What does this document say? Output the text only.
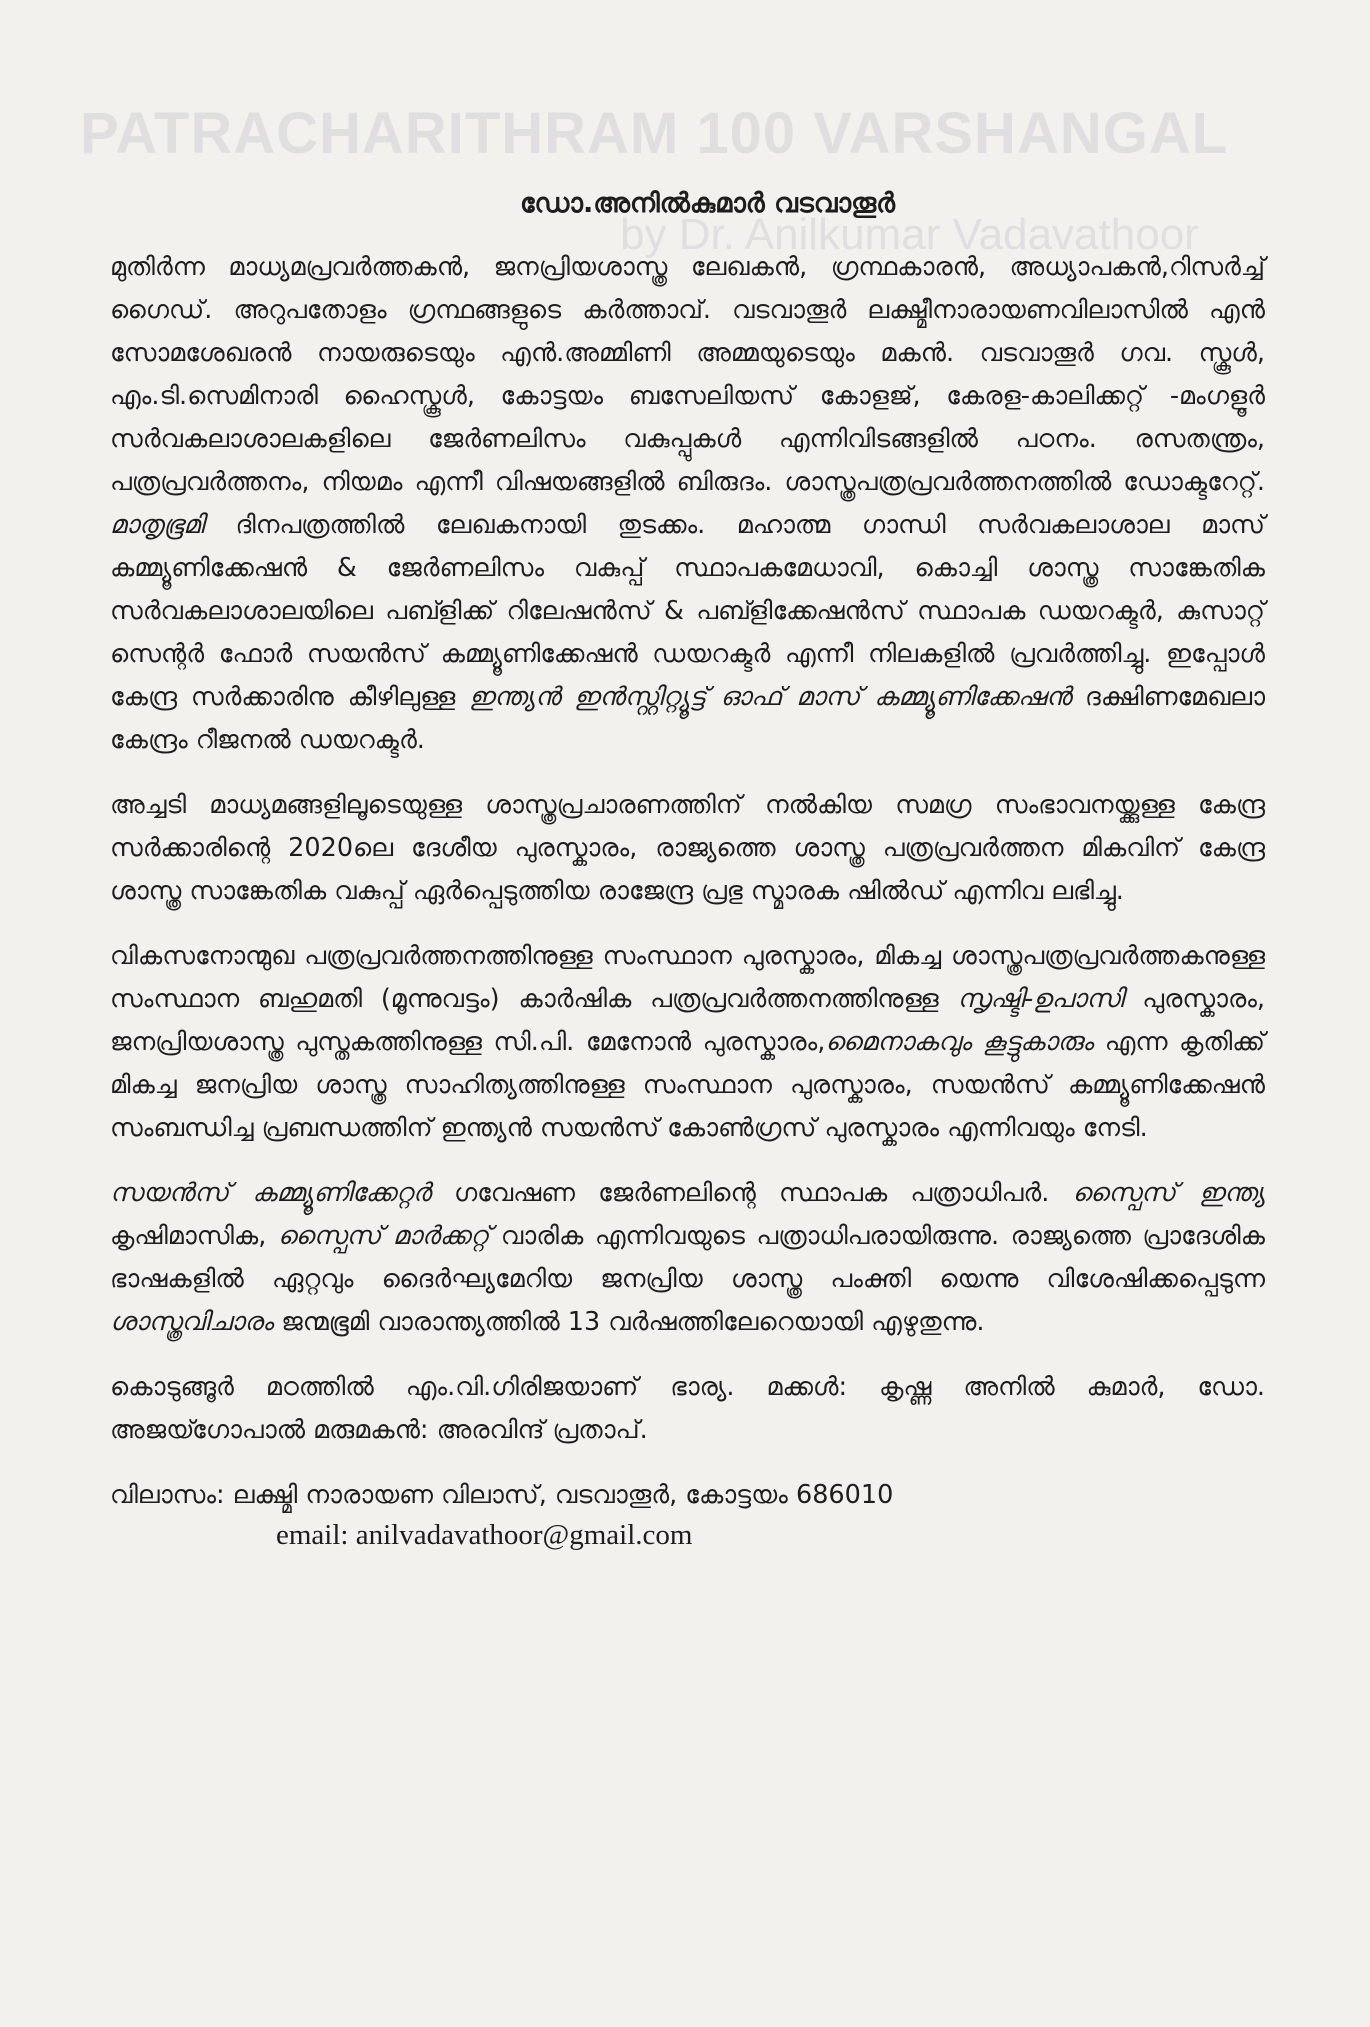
PATRACHARITHRAM 100 VARSHANGAL
by Dr. Anilkumar Vadavathoor
ഡോ.അനിൽകുമാർ വടവാതൂർ

മുതിർന്ന മാധ്യമപ്രവർത്തകൻ, ജനപ്രിയശാസ്ത്ര ലേഖകൻ, ഗ്രന്ഥകാരൻ, അധ്യാപകൻ,റിസർച്ച് ഗൈഡ്. അറുപതോളം ഗ്രന്ഥങ്ങളുടെ കർത്താവ്. വടവാതൂർ ലക്ഷ്മീനാരായണവിലാസിൽ എൻ സോമശേഖരൻ നായരുടെയും എൻ.അമ്മിണി അമ്മയുടെയും മകൻ. വടവാതൂർ ഗവ. സ്കൂൾ, എം.ടി.സെമിനാരി ഹൈസ്കൂൾ, കോട്ടയം ബസേലിയസ് കോളജ്, കേരള-കാലിക്കറ്റ് -മംഗളൂർ സർവകലാശാലകളിലെ ജേർണലിസം വകുപ്പുകൾ എന്നിവിടങ്ങളിൽ പഠനം. രസതന്ത്രം, പത്രപ്രവർത്തനം, നിയമം എന്നീ വിഷയങ്ങളിൽ ബിരുദം. ശാസ്ത്രപത്രപ്രവർത്തനത്തിൽ ഡോക്ടറേറ്റ്. മാതൃഭൂമി ദിനപത്രത്തിൽ ലേഖകനായി തുടക്കം. മഹാത്മ ഗാന്ധി സർവകലാശാല മാസ് കമ്മ്യൂണിക്കേഷൻ & ജേർണലിസം വകുപ്പ് സ്ഥാപകമേധാവി, കൊച്ചി ശാസ്ത്ര സാങ്കേതിക സർവകലാശാലയിലെ പബ്ളിക്ക് റിലേഷൻസ് & പബ്ളിക്കേഷൻസ് സ്ഥാപക ഡയറക്ടർ, കുസാറ്റ് സെന്റർ ഫോർ സയൻസ് കമ്മ്യൂണിക്കേഷൻ ഡയറക്ടർ എന്നീ നിലകളിൽ പ്രവർത്തിച്ചു. ഇപ്പോൾ കേന്ദ്ര സർക്കാരിനു കീഴിലുള്ള ഇന്ത്യൻ ഇൻസ്റ്റിറ്റ്യൂട്ട് ഓഫ് മാസ് കമ്മ്യൂണിക്കേഷൻ ദക്ഷിണമേഖലാ കേന്ദ്രം റീജനൽ ഡയറക്ടർ.

അച്ചടി മാധ്യമങ്ങളിലൂടെയുള്ള ശാസ്ത്രപ്രചാരണത്തിന് നൽകിയ സമഗ്ര സംഭാവനയ്ക്കുള്ള കേന്ദ്ര സർക്കാരിന്റെ 2020ലെ ദേശീയ പുരസ്കാരം, രാജ്യത്തെ ശാസ്ത്ര പത്രപ്രവർത്തന മികവിന് കേന്ദ്ര ശാസ്ത്ര സാങ്കേതിക വകുപ്പ് ഏർപ്പെടുത്തിയ രാജേന്ദ്ര പ്രഭു സ്മാരക ഷിൽഡ് എന്നിവ ലഭിച്ചു.

വികസനോന്മുഖ പത്രപ്രവർത്തനത്തിനുള്ള സംസ്ഥാന പുരസ്കാരം, മികച്ച ശാസ്ത്രപത്രപ്രവർത്തകനുള്ള സംസ്ഥാന ബഹുമതി (മൂന്നുവട്ടം) കാർഷിക പത്രപ്രവർത്തനത്തിനുള്ള സൃഷ്ടി-ഉപാസി പുരസ്കാരം, ജനപ്രിയശാസ്ത്ര പുസ്തകത്തിനുള്ള സി.പി. മേനോൻ പുരസ്കാരം,മൈനാകവും കൂട്ടുകാരും എന്ന കൃതിക്ക് മികച്ച ജനപ്രിയ ശാസ്ത്ര സാഹിത്യത്തിനുള്ള സംസ്ഥാന പുരസ്കാരം, സയൻസ് കമ്മ്യൂണിക്കേഷൻ സംബന്ധിച്ച പ്രബന്ധത്തിന് ഇന്ത്യൻ സയൻസ് കോൺഗ്രസ് പുരസ്കാരം എന്നിവയും നേടി.

സയൻസ് കമ്മ്യൂണിക്കേറ്റർ ഗവേഷണ ജേർണലിന്റെ സ്ഥാപക പത്രാധിപർ. സ്പൈസ് ഇന്ത്യ കൃഷിമാസിക, സ്പൈസ് മാർക്കറ്റ് വാരിക എന്നിവയുടെ പത്രാധിപരായിരുന്നു. രാജ്യത്തെ പ്രാദേശിക ഭാഷകളിൽ ഏറ്റവും ദൈർഘ്യമേറിയ ജനപ്രിയ ശാസ്ത്ര പംക്തി യെന്നു വിശേഷിക്കപ്പെടുന്ന ശാസ്ത്രവിചാരം ജന്മഭൂമി വാരാന്ത്യത്തിൽ 13 വർഷത്തിലേറെയായി എഴുതുന്നു.

കൊടുങ്ങൂർ മഠത്തിൽ എം.വി.ഗിരിജയാണ് ഭാര്യ. മക്കൾ: കൃഷ്ണ അനിൽ കുമാർ, ഡോ. അജയ്ഗോപാൽ മരുമകൻ: അരവിന്ദ് പ്രതാപ്.

വിലാസം: ലക്ഷ്മി നാരായണ വിലാസ്, വടവാതൂർ, കോട്ടയം 686010

email: anilvadavathoor@gmail.com
